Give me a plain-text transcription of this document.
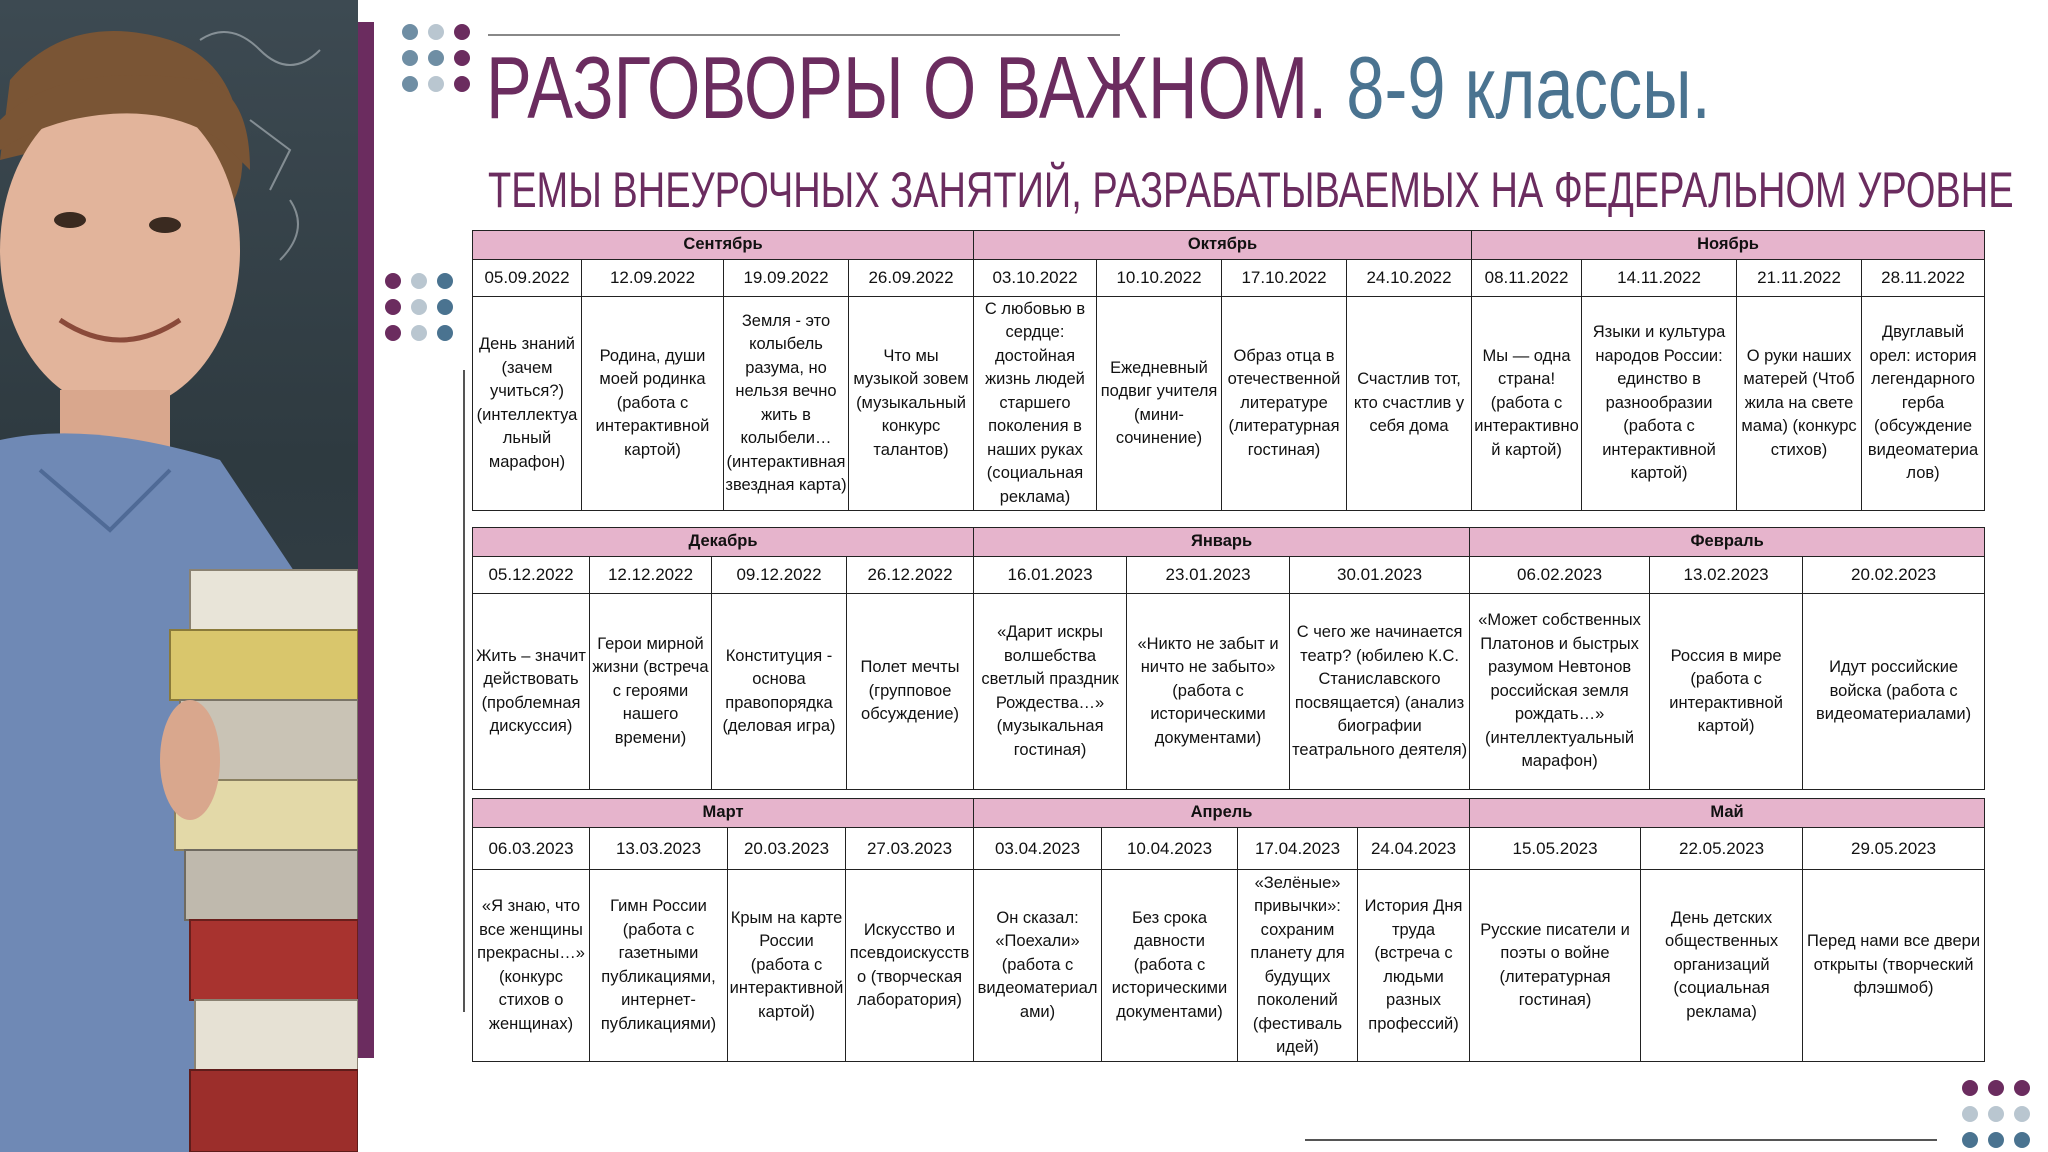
РАЗГОВОРЫ О ВАЖНОМ. 8-9 классы.
ТЕМЫ ВНЕУРОЧНЫХ ЗАНЯТИЙ, РАЗРАБАТЫВАЕМЫХ НА ФЕДЕРАЛЬНОМ УРОВНЕ
Сентябрь				Октябрь				Ноябрь			
05.09.2022	12.09.2022	19.09.2022	26.09.2022	03.10.2022	10.10.2022	17.10.2022	24.10.2022	08.11.2022	14.11.2022	21.11.2022	28.11.2022
День знаний (зачем учиться?) (интеллектуальный марафон)	Родина, души моей родинка (работа с интерактивной картой)	Земля - это колыбель разума, но нельзя вечно жить в колыбели…(интерактивная звездная карта)	Что мы музыкой зовем (музыкальный конкурс талантов)	С любовью в сердце: достойная жизнь людей старшего поколения в наших руках (социальная реклама)	Ежедневный подвиг учителя (мини-сочинение)	Образ отца в отечественной литературе (литературная гостиная)	Счастлив тот, кто счастлив у себя дома	Мы — одна страна! (работа с интерактивной картой)	Языки и культура народов России: единство в разнообразии (работа с интерактивной картой)	О руки наших матерей (Чтоб жила на свете мама) (конкурс стихов)	Двуглавый орел: история легендарного герба (обсуждение видеоматериалов)
Декабрь				Январь			Февраль		
05.12.2022	12.12.2022	09.12.2022	26.12.2022	16.01.2023	23.01.2023	30.01.2023	06.02.2023	13.02.2023	20.02.2023
Жить – значит действовать (проблемная дискуссия)	Герои мирной жизни (встреча с героями нашего времени)	Конституция - основа правопорядка (деловая игра)	Полет мечты (групповое обсуждение)	«Дарит искры волшебства светлый праздник Рождества…» (музыкальная гостиная)	«Никто не забыт и ничто не забыто» (работа с историческими документами)	С чего же начинается театр? (юбилею К.С. Станиславского посвящается) (анализ биографии театрального деятеля)	«Может собственных Платонов и быстрых разумом Невтонов российская земля рождать…» (интеллектуальный марафон)	Россия в мире (работа с интерактивной картой)	Идут российские войска (работа с видеоматериалами)
Март				Апрель				Май		
06.03.2023	13.03.2023	20.03.2023	27.03.2023	03.04.2023	10.04.2023	17.04.2023	24.04.2023	15.05.2023	22.05.2023	29.05.2023
«Я знаю, что все женщины прекрасны…» (конкурс стихов о женщинах)	Гимн России (работа с газетными публикациями, интернет-публикациями)	Крым на карте России (работа с интерактивной картой)	Искусство и псевдоискусство (творческая лаборатория)	Он сказал: «Поехали» (работа с видеоматериалами)	Без срока давности (работа с историческими документами)	«Зелёные» привычки»: сохраним планету для будущих поколений (фестиваль идей)	История Дня труда (встреча с людьми разных профессий)	Русские писатели и поэты о войне (литературная гостиная)	День детских общественных организаций (социальная реклама)	Перед нами все двери открыты (творческий флэшмоб)
